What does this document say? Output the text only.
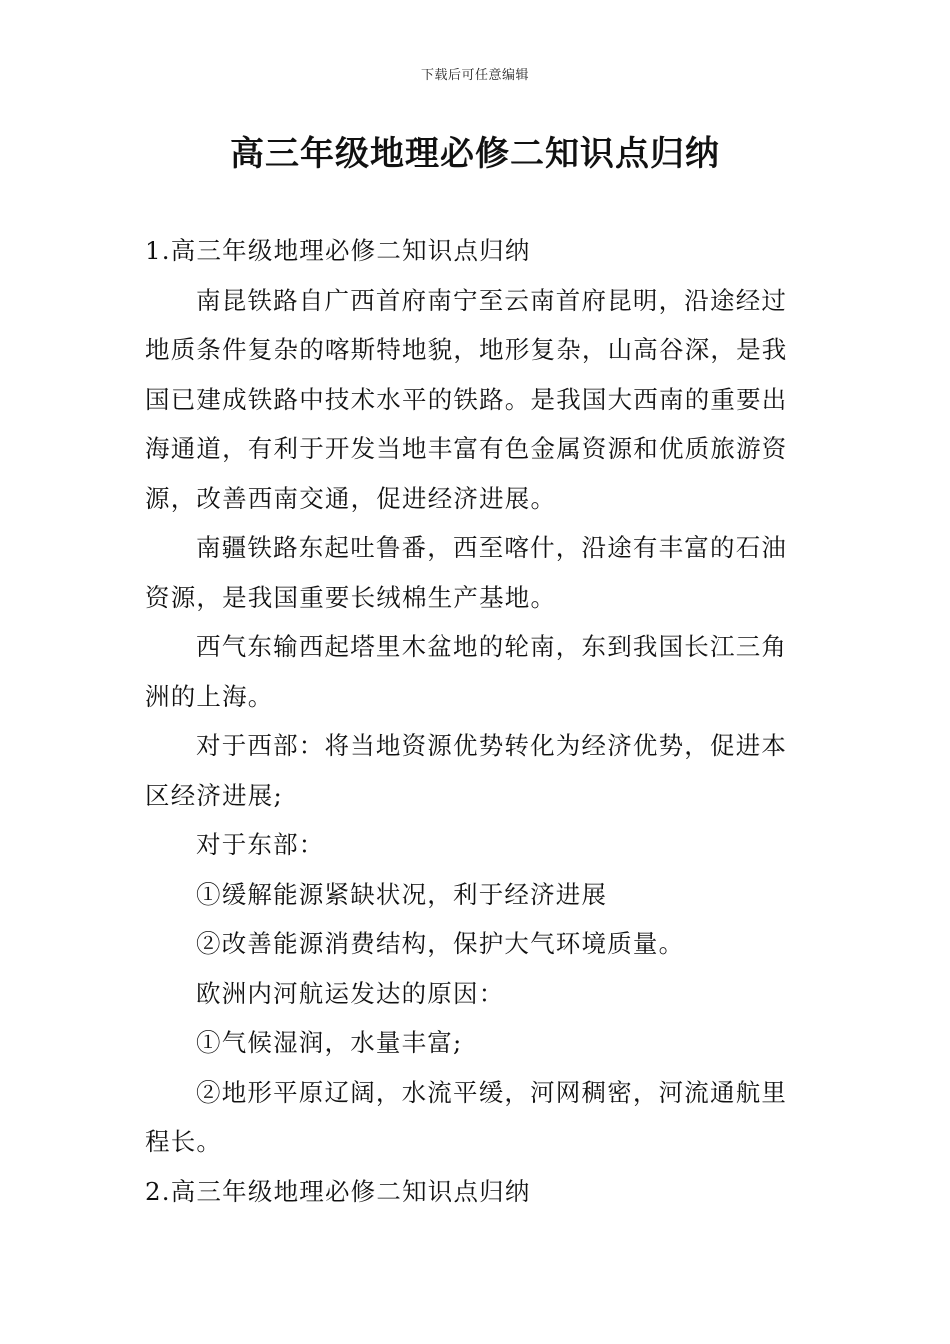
下载后可任意编辑
高三年级地理必修二知识点归纳

1.高三年级地理必修二知识点归纳

南昆铁路自广西首府南宁至云南首府昆明，沿途经过地质条件复杂的喀斯特地貌，地形复杂，山高谷深，是我国已建成铁路中技术水平的铁路。是我国大西南的重要出海通道，有利于开发当地丰富有色金属资源和优质旅游资源，改善西南交通，促进经济进展。

南疆铁路东起吐鲁番，西至喀什，沿途有丰富的石油资源，是我国重要长绒棉生产基地。

西气东输西起塔里木盆地的轮南，东到我国长江三角洲的上海。

对于西部：将当地资源优势转化为经济优势，促进本区经济进展;

对于东部：

①缓解能源紧缺状况，利于经济进展

②改善能源消费结构，保护大气环境质量。

欧洲内河航运发达的原因：

①气候湿润，水量丰富;

②地形平原辽阔，水流平缓，河网稠密，河流通航里程长。

2.高三年级地理必修二知识点归纳
